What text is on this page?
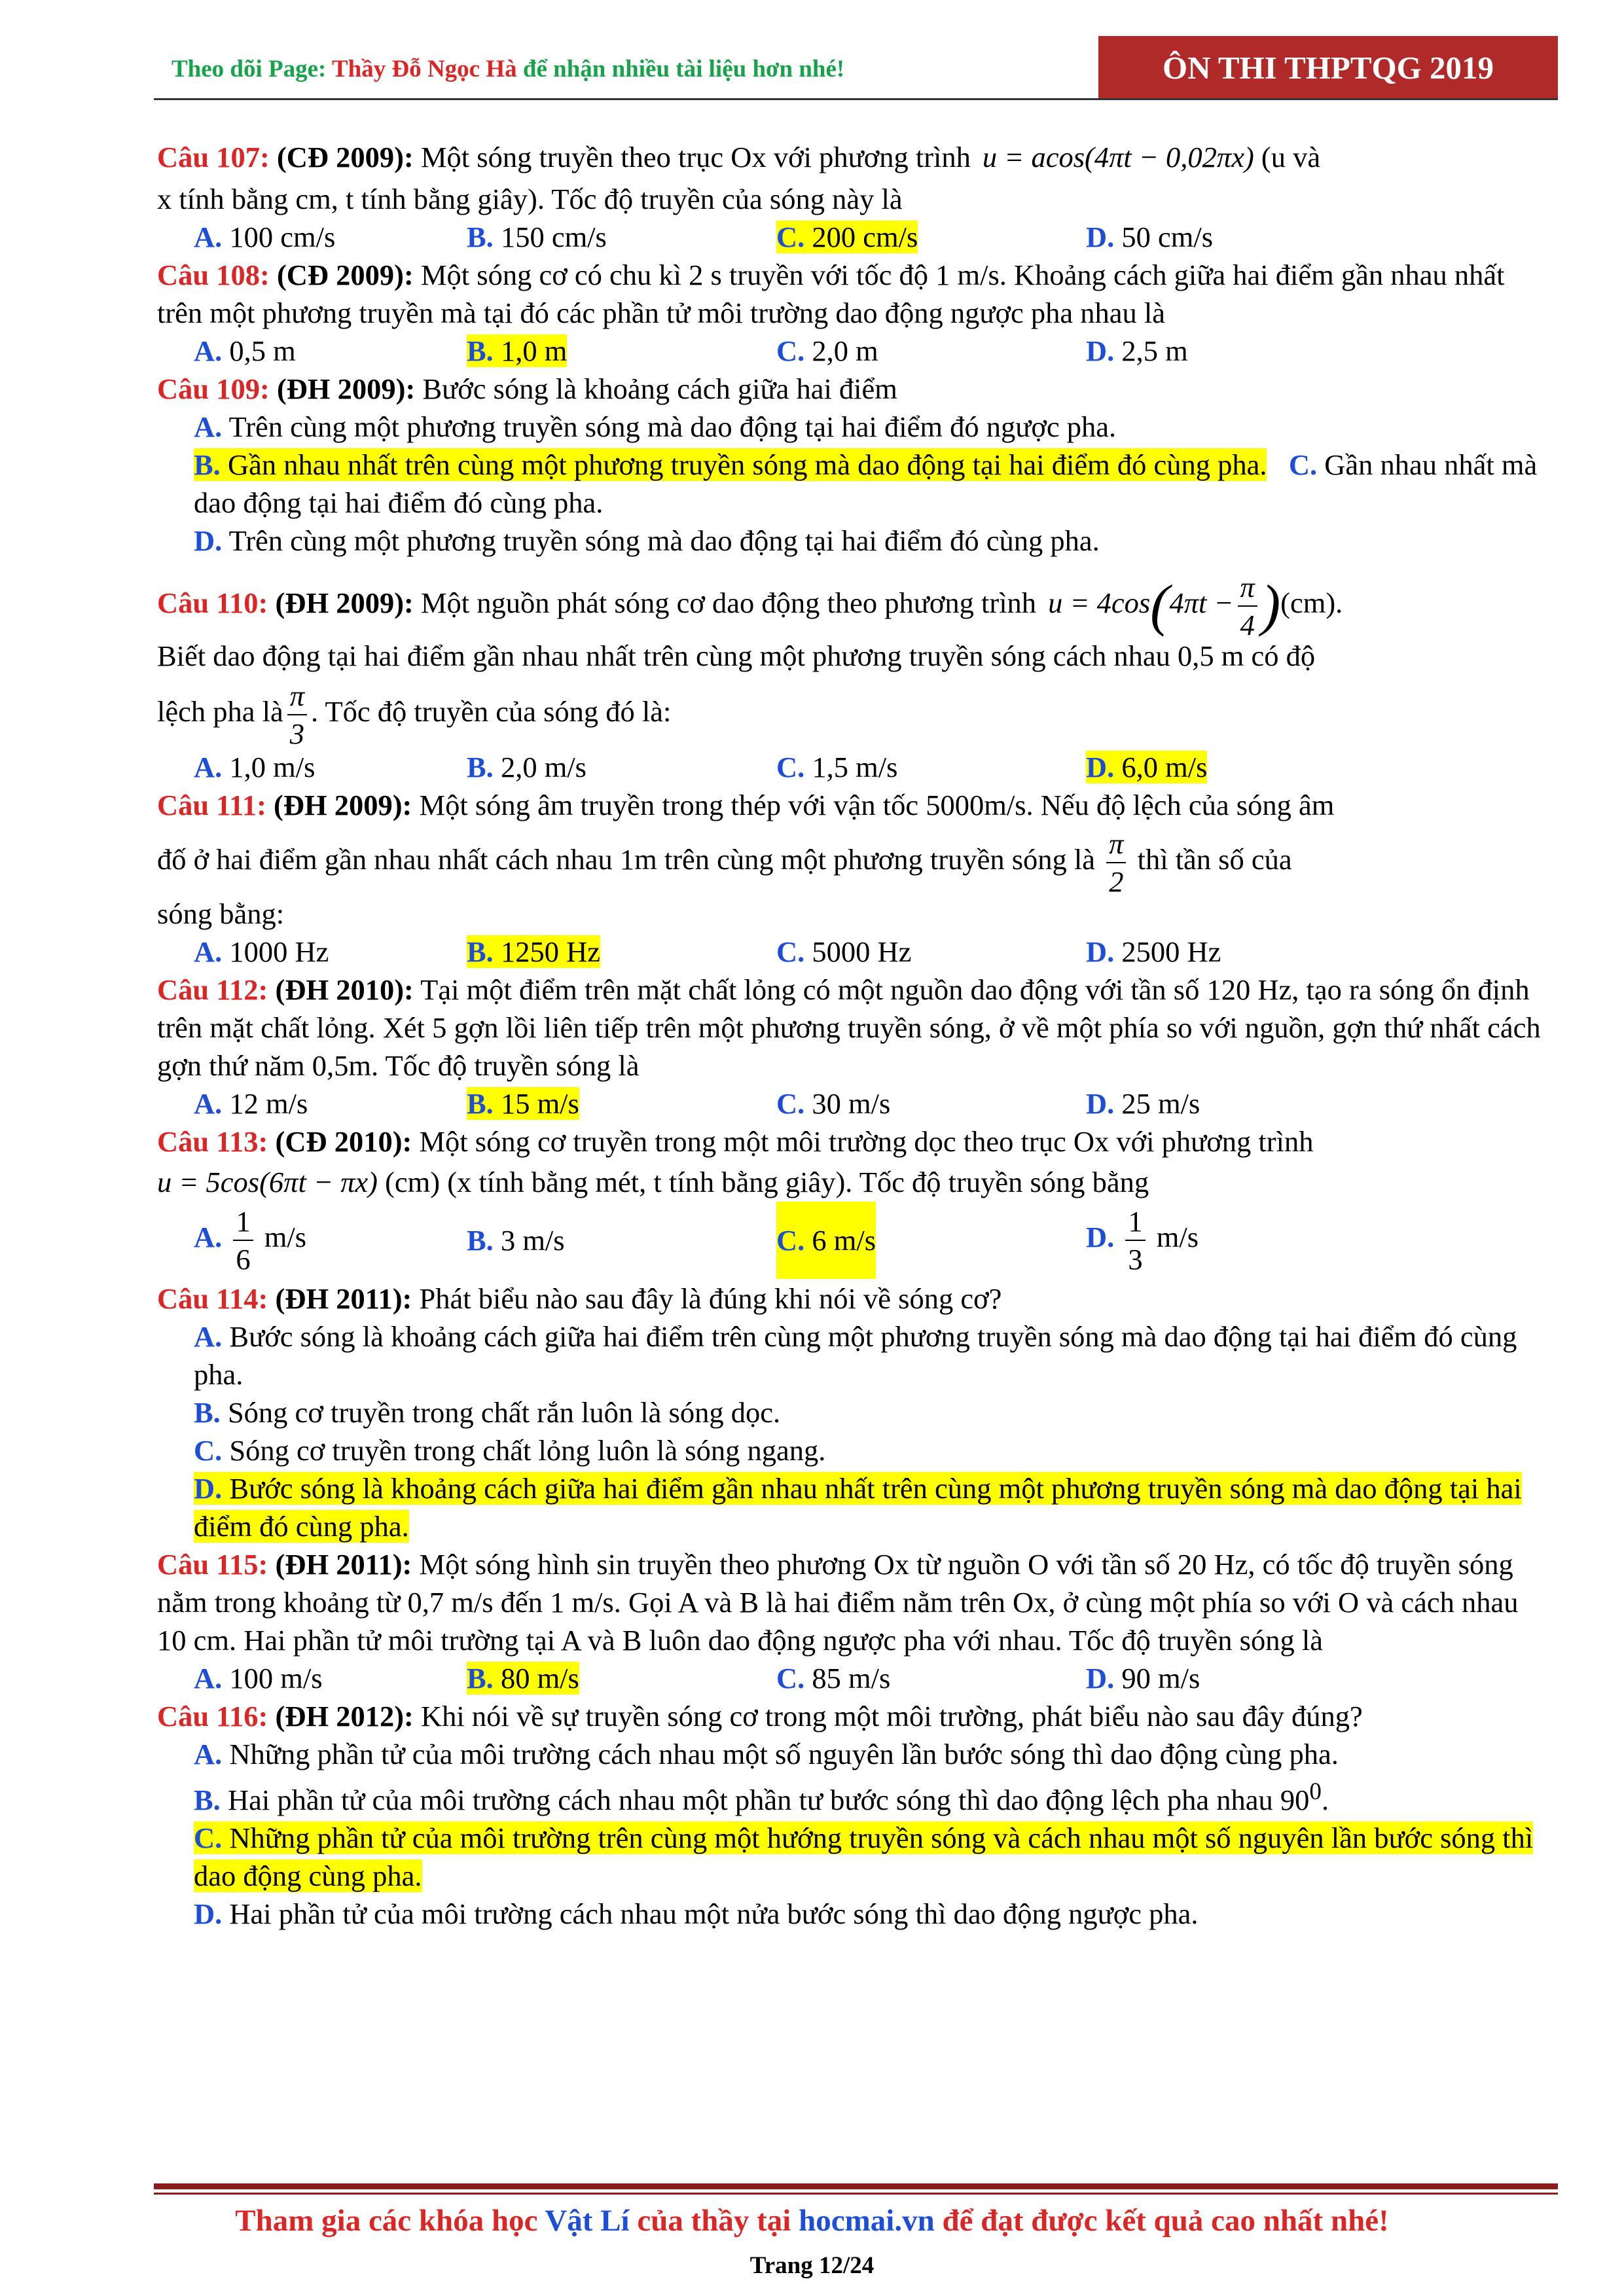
Theo dõi Page: Thầy Đỗ Ngọc Hà để nhận nhiều tài liệu hơn nhé!	ÔN THI THPTQG 2019

Câu 107: (CĐ 2009): Một sóng truyền theo trục Ox với phương trình u = acos(4πt − 0,02πx) (u và

x tính bằng cm, t tính bằng giây). Tốc độ truyền của sóng này là

A. 100 cm/s	B. 150 cm/s	C. 200 cm/s	D. 50 cm/s

Câu 108: (CĐ 2009): Một sóng cơ có chu kì 2 s truyền với tốc độ 1 m/s. Khoảng cách giữa hai điểm gần nhau nhất trên một phương truyền mà tại đó các phần tử môi trường dao động ngược pha nhau là

A. 0,5 m	B. 1,0 m	C. 2,0 m	D. 2,5 m

Câu 109: (ĐH 2009): Bước sóng là khoảng cách giữa hai điểm

A. Trên cùng một phương truyền sóng mà dao động tại hai điểm đó ngược pha.

B. Gần nhau nhất trên cùng một phương truyền sóng mà dao động tại hai điểm đó cùng pha. C. Gần nhau nhất mà dao động tại hai điểm đó cùng pha.

D. Trên cùng một phương truyền sóng mà dao động tại hai điểm đó cùng pha.

Câu 110: (ĐH 2009): Một nguồn phát sóng cơ dao động theo phương trình $u = 4\cos(4\pi t - \frac{\pi}{4} )(cm)$.

Biết dao động tại hai điểm gần nhau nhất trên cùng một phương truyền sóng cách nhau 0,5 m có độ

lệch pha là $\frac{\pi}{3}$ . Tốc độ truyền của sóng đó là:

A. 1,0 m/s	B. 2,0 m/s	C. 1,5 m/s	D. 6,0 m/s

Câu 111: (ĐH 2009): Một sóng âm truyền trong thép với vận tốc 5000m/s. Nếu độ lệch của sóng âm

đố ở hai điểm gần nhau nhất cách nhau 1m trên cùng một phương truyền sóng là $\frac{\pi}{2}$ thì tần số của

sóng bằng:

A. 1000 Hz	B. 1250 Hz	C. 5000 Hz	D. 2500 Hz

Câu 112: (ĐH 2010): Tại một điểm trên mặt chất lỏng có một nguồn dao động với tần số 120 Hz, tạo ra sóng ổn định trên mặt chất lỏng. Xét 5 gợn lồi liên tiếp trên một phương truyền sóng, ở về một phía so với nguồn, gợn thứ nhất cách gợn thứ năm 0,5m. Tốc độ truyền sóng là

A. 12 m/s	B. 15 m/s	C. 30 m/s	D. 25 m/s

Câu 113: (CĐ 2010): Một sóng cơ truyền trong một môi trường dọc theo trục Ox với phương trình

u = 5cos(6πt − πx) (cm) (x tính bằng mét, t tính bằng giây). Tốc độ truyền sóng bằng

A. $\frac{1}{6} m/s$	B. 3 m/s	C. 6 m/s	D. $\frac{1}{3} m/s$

Câu 114: (ĐH 2011): Phát biểu nào sau đây là đúng khi nói về sóng cơ?

A. Bước sóng là khoảng cách giữa hai điểm trên cùng một phương truyền sóng mà dao động tại hai điểm đó cùng pha.

B. Sóng cơ truyền trong chất rắn luôn là sóng dọc.

C. Sóng cơ truyền trong chất lỏng luôn là sóng ngang.

D. Bước sóng là khoảng cách giữa hai điểm gần nhau nhất trên cùng một phương truyền sóng mà dao động tại hai điểm đó cùng pha.

Câu 115: (ĐH 2011): Một sóng hình sin truyền theo phương Ox từ nguồn O với tần số 20 Hz, có tốc độ truyền sóng nằm trong khoảng từ 0,7 m/s đến 1 m/s. Gọi A và B là hai điểm nằm trên Ox, ở cùng một phía so với O và cách nhau 10 cm. Hai phần tử môi trường tại A và B luôn dao động ngược pha với nhau. Tốc độ truyền sóng là

A. 100 m/s	B. 80 m/s	C. 85 m/s	D. 90 m/s

Câu 116: (ĐH 2012): Khi nói về sự truyền sóng cơ trong một môi trường, phát biểu nào sau đây đúng?

A. Những phần tử của môi trường cách nhau một số nguyên lần bước sóng thì dao động cùng pha.

B. Hai phần tử của môi trường cách nhau một phần tư bước sóng thì dao động lệch pha nhau $90^0$.

C. Những phần tử của môi trường trên cùng một hướng truyền sóng và cách nhau một số nguyên lần bước sóng thì dao động cùng pha.

D. Hai phần tử của môi trường cách nhau một nửa bước sóng thì dao động ngược pha.

Tham gia các khóa học Vật Lí của thầy tại hocmai.vn để đạt được kết quả cao nhất nhé!
Trang 12/24
